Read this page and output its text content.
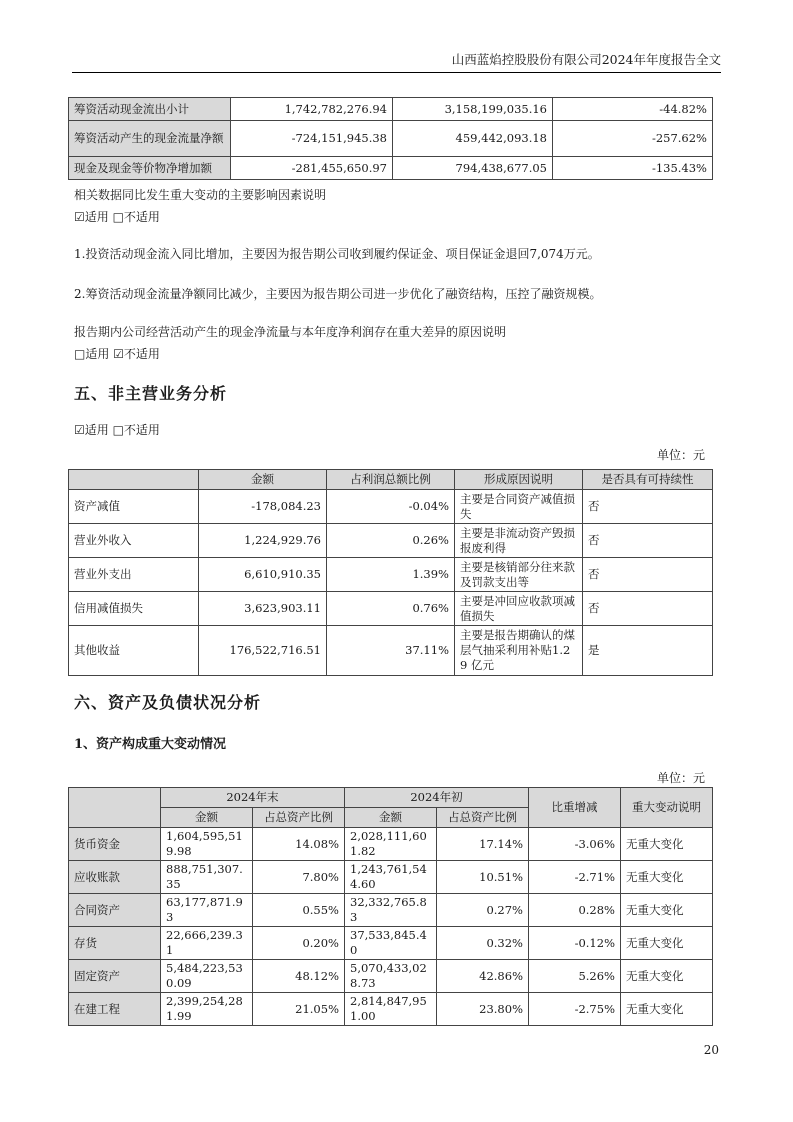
山西蓝焰控股股份有限公司2024年年度报告全文
筹资活动现金流出小计	1,742,782,276.94	3,158,199,035.16	-44.82%
筹资活动产生的现金流量净额	-724,151,945.38	459,442,093.18	-257.62%
现金及现金等价物净增加额	-281,455,650.97	794,438,677.05	-135.43%
相关数据同比发生重大变动的主要影响因素说明
☑适用 □不适用
1.投资活动现金流入同比增加，主要因为报告期公司收到履约保证金、项目保证金退回7,074万元。
2.筹资活动现金流量净额同比减少，主要因为报告期公司进一步优化了融资结构，压控了融资规模。
报告期内公司经营活动产生的现金净流量与本年度净利润存在重大差异的原因说明
□适用 ☑不适用
五、非主营业务分析
☑适用 □不适用
单位：元
	金额	占利润总额比例	形成原因说明	是否具有可持续性
资产减值	-178,084.23	-0.04%	主要是合同资产减值损失	否
营业外收入	1,224,929.76	0.26%	主要是非流动资产毁损报废利得	否
营业外支出	6,610,910.35	1.39%	主要是核销部分往来款及罚款支出等	否
信用减值损失	3,623,903.11	0.76%	主要是冲回应收款项减值损失	否
其他收益	176,522,716.51	37.11%	主要是报告期确认的煤层气抽采利用补贴1.29 亿元	是
六、资产及负债状况分析
1、资产构成重大变动情况
单位：元
	2024年末		2024年初		比重增减	重大变动说明
	金额	占总资产比例	金额	占总资产比例		
货币资金	1,604,595,519.98	14.08%	2,028,111,601.82	17.14%	-3.06%	无重大变化
应收账款	888,751,307.35	7.80%	1,243,761,544.60	10.51%	-2.71%	无重大变化
合同资产	63,177,871.93	0.55%	32,332,765.83	0.27%	0.28%	无重大变化
存货	22,666,239.31	0.20%	37,533,845.40	0.32%	-0.12%	无重大变化
固定资产	5,484,223,530.09	48.12%	5,070,433,028.73	42.86%	5.26%	无重大变化
在建工程	2,399,254,281.99	21.05%	2,814,847,951.00	23.80%	-2.75%	无重大变化
20
